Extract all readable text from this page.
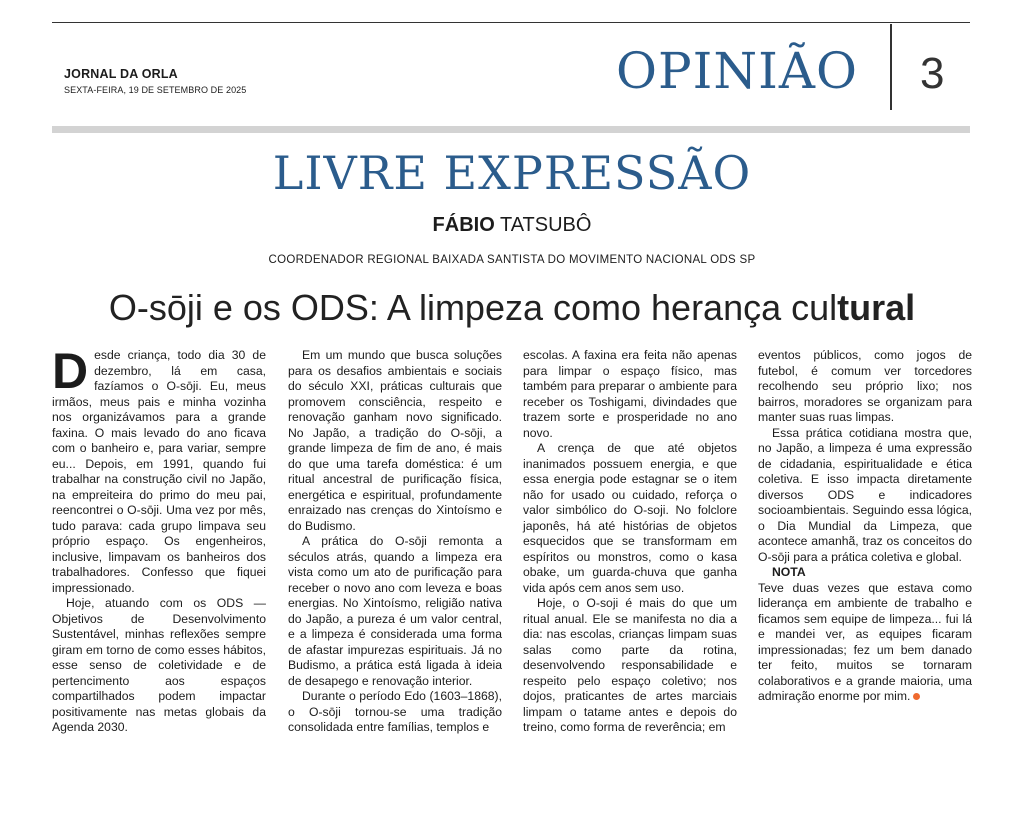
JORNAL DA ORLA
SEXTA-FEIRA, 19 DE SETEMBRO DE 2025	OPINIÃO 3
LIVRE EXPRESSÃO
FÁBIO TATSUBÔ
COORDENADOR REGIONAL BAIXADA SANTISTA DO MOVIMENTO NACIONAL ODS SP
O-sōji e os ODS: A limpeza como herança cultural

Desde criança, todo dia 30 de dezembro, lá em casa, fazíamos o O-sōji. Eu, meus irmãos, meus pais e minha vozinha nos organizávamos para a grande faxina. O mais levado do ano ficava com o banheiro e, para variar, sempre eu... Depois, em 1991, quando fui trabalhar na construção civil no Japão, na empreiteira do primo do meu pai, reencontrei o O-sōji. Uma vez por mês, tudo parava: cada grupo limpava seu próprio espaço. Os engenheiros, inclusive, limpavam os banheiros dos trabalhadores. Confesso que fiquei impressionado.

Hoje, atuando com os ODS — Objetivos de Desenvolvimento Sustentável, minhas reflexões sempre giram em torno de como esses hábitos, esse senso de coletividade e de pertencimento aos espaços compartilhados podem impactar positivamente nas metas globais da Agenda 2030.

Em um mundo que busca soluções para os desafios ambientais e sociais do século XXI, práticas culturais que promovem consciência, respeito e renovação ganham novo significado. No Japão, a tradição do O-sōji, a grande limpeza de fim de ano, é mais do que uma tarefa doméstica: é um ritual ancestral de purificação física, energética e espiritual, profundamente enraizado nas crenças do Xintoísmo e do Budismo.

A prática do O-sōji remonta a séculos atrás, quando a limpeza era vista como um ato de purificação para receber o novo ano com leveza e boas energias. No Xintoísmo, religião nativa do Japão, a pureza é um valor central, e a limpeza é considerada uma forma de afastar impurezas espirituais. Já no Budismo, a prática está ligada à ideia de desapego e renovação interior.

Durante o período Edo (1603–1868), o O-sōji tornou-se uma tradição consolidada entre famílias, templos e

escolas. A faxina era feita não apenas para limpar o espaço físico, mas também para preparar o ambiente para receber os Toshigami, divindades que trazem sorte e prosperidade no ano novo.

A crença de que até objetos inanimados possuem energia, e que essa energia pode estagnar se o item não for usado ou cuidado, reforça o valor simbólico do O-soji. No folclore japonês, há até histórias de objetos esquecidos que se transformam em espíritos ou monstros, como o kasa obake, um guarda-chuva que ganha vida após cem anos sem uso.

Hoje, o O-soji é mais do que um ritual anual. Ele se manifesta no dia a dia: nas escolas, crianças limpam suas salas como parte da rotina, desenvolvendo responsabilidade e respeito pelo espaço coletivo; nos dojos, praticantes de artes marciais limpam o tatame antes e depois do treino, como forma de reverência; em

eventos públicos, como jogos de futebol, é comum ver torcedores recolhendo seu próprio lixo; nos bairros, moradores se organizam para manter suas ruas limpas.

Essa prática cotidiana mostra que, no Japão, a limpeza é uma expressão de cidadania, espiritualidade e ética coletiva. E isso impacta diretamente diversos ODS e indicadores socioambientais. Seguindo essa lógica, o Dia Mundial da Limpeza, que acontece amanhã, traz os conceitos do O-sōji para a prática coletiva e global.

NOTA

Teve duas vezes que estava como liderança em ambiente de trabalho e ficamos sem equipe de limpeza... fui lá e mandei ver, as equipes ficaram impressionadas; fez um bem danado ter feito, muitos se tornaram colaborativos e a grande maioria, uma admiração enorme por mim.
